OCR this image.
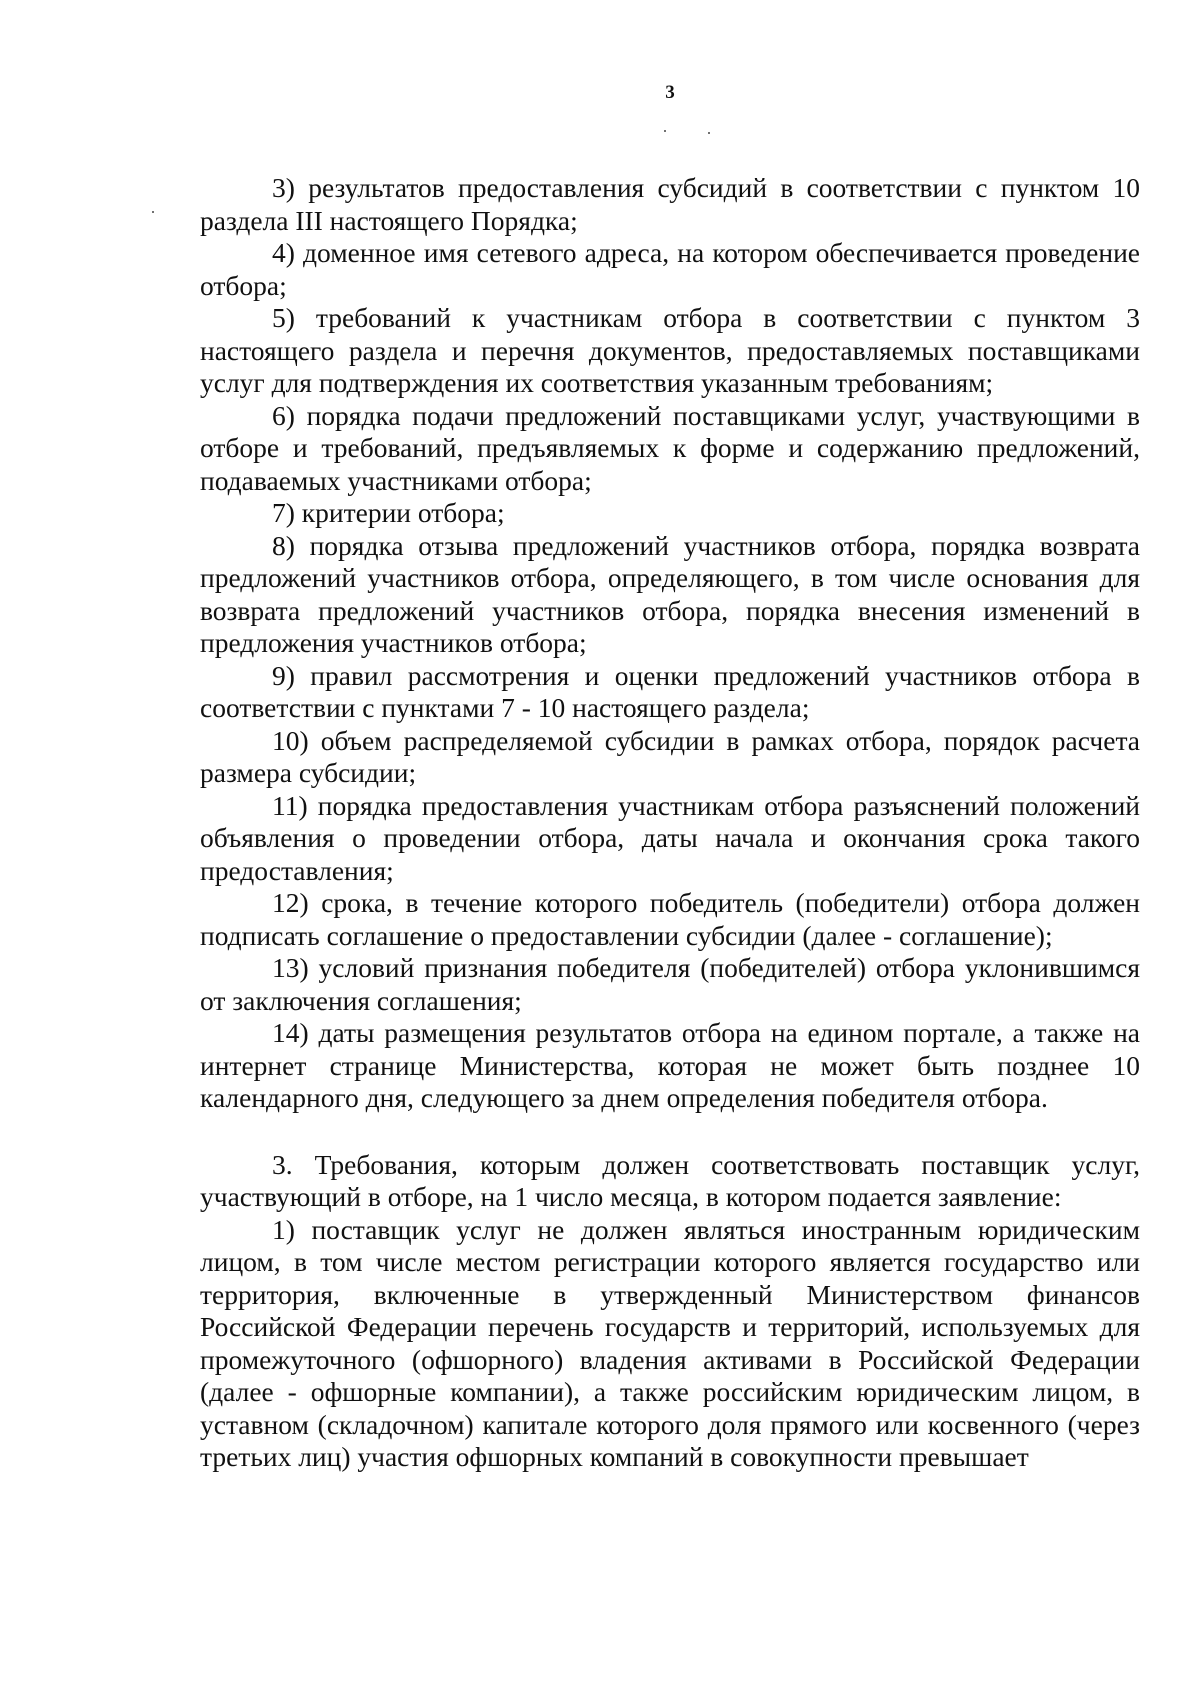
3

3) результатов предоставления субсидий в соответствии с пунктом 10 раздела III настоящего Порядка;

4) доменное имя сетевого адреса, на котором обеспечивается проведение отбора;

5) требований к участникам отбора в соответствии с пунктом 3 настоящего раздела и перечня документов, предоставляемых поставщиками услуг для подтверждения их соответствия указанным требованиям;

6) порядка подачи предложений поставщиками услуг, участвующими в отборе и требований, предъявляемых к форме и содержанию предложений, подаваемых участниками отбора;

7) критерии отбора;

8) порядка отзыва предложений участников отбора, порядка возврата предложений участников отбора, определяющего, в том числе основания для возврата предложений участников отбора, порядка внесения изменений в предложения участников отбора;

9) правил рассмотрения и оценки предложений участников отбора в соответствии с пунктами 7 - 10 настоящего раздела;

10) объем распределяемой субсидии в рамках отбора, порядок расчета размера субсидии;

11) порядка предоставления участникам отбора разъяснений положений объявления о проведении отбора, даты начала и окончания срока такого предоставления;

12) срока, в течение которого победитель (победители) отбора должен подписать соглашение о предоставлении субсидии (далее - соглашение);

13) условий признания победителя (победителей) отбора уклонившимся от заключения соглашения;

14) даты размещения результатов отбора на едином портале, а также на интернет странице Министерства, которая не может быть позднее 10 календарного дня, следующего за днем определения победителя отбора.

3. Требования, которым должен соответствовать поставщик услуг, участвующий в отборе, на 1 число месяца, в котором подается заявление:

1) поставщик услуг не должен являться иностранным юридическим лицом, в том числе местом регистрации которого является государство или территория, включенные в утвержденный Министерством финансов Российской Федерации перечень государств и территорий, используемых для промежуточного (офшорного) владения активами в Российской Федерации (далее - офшорные компании), а также российским юридическим лицом, в уставном (складочном) капитале которого доля прямого или косвенного (через третьих лиц) участия офшорных компаний в совокупности превышает
